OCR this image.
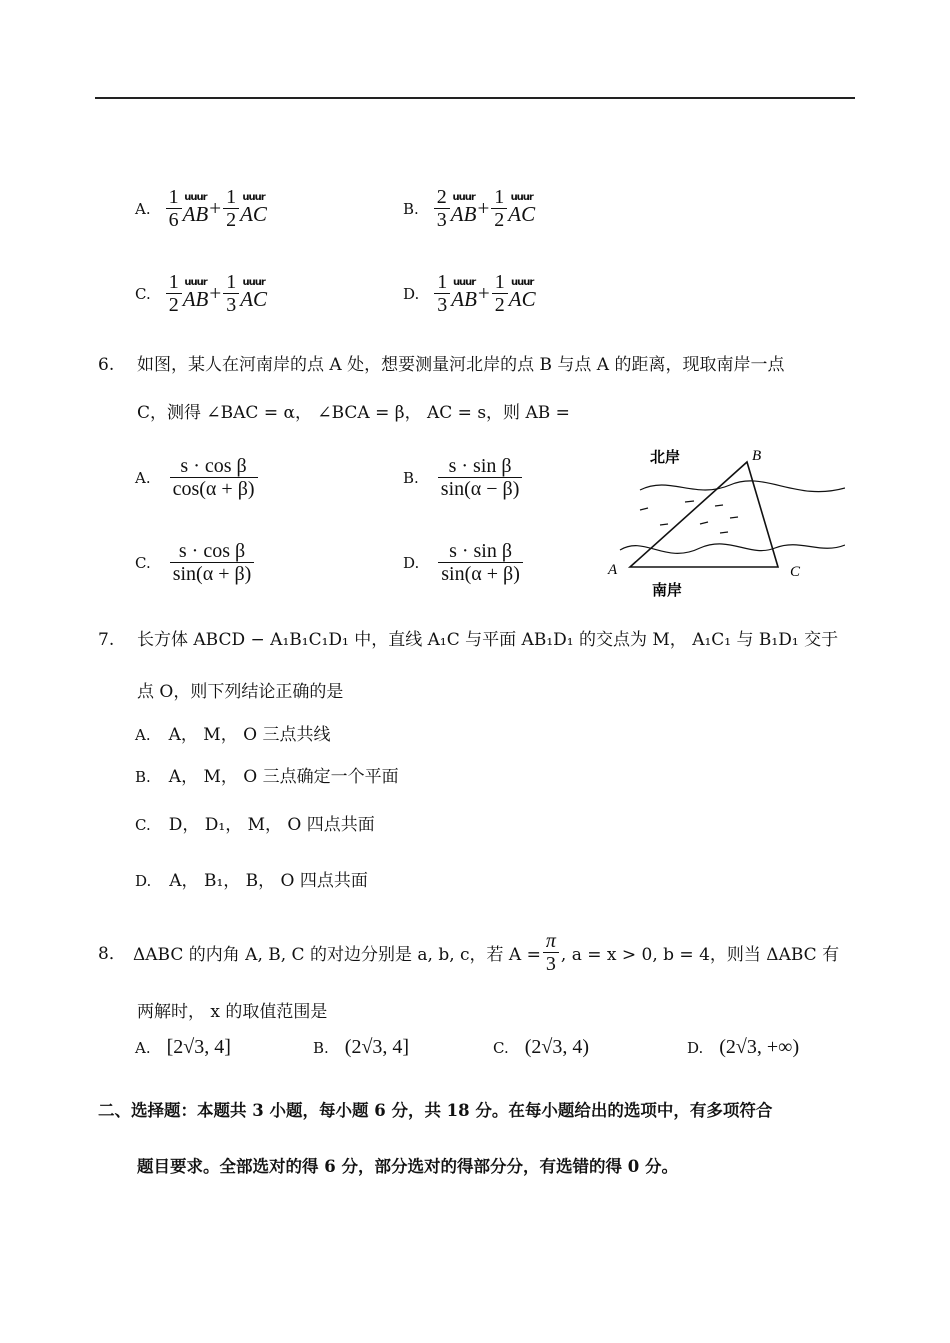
A. $\frac{1}{6}$ uuur
AB + $\frac{1}{2}$ uuur
AC	B. $\frac{2}{3}$ uuur
AB + $\frac{1}{2}$ uuur
AC
C. $\frac{1}{2}$ uuur
AB + $\frac{1}{3}$ uuur
AC	D. $\frac{1}{3}$ uuur
AB + $\frac{1}{2}$ uuur
AC
6. 如图，某人在河南岸的点 A 处，想要测量河北岸的点 B 与点 A 的距离，现取南岸一点
C，测得 ∠BAC = α， ∠BCA = β， AC = s，则 AB =
A. $\frac{\text{s · cos β}}{\cos(\alpha + \beta)}$	B. $\frac{\text{s · sin β}}{\sin(\alpha - \beta)}$
C. $\frac{\text{s · cos β}}{\sin(\alpha + \beta)}$	D. $\frac{\text{s · sin β}}{\sin(\alpha + \beta)}$
北岸
南岸
A
B
C
7. 长方体 ABCD − A₁B₁C₁D₁ 中，直线 A₁C 与平面 AB₁D₁ 的交点为 M， A₁C₁ 与 B₁D₁ 交于
点 O，则下列结论正确的是
A. A， M， O 三点共线
B. A， M， O 三点确定一个平面
C. D， D₁， M， O 四点共面
D. A， B₁， B， O 四点共面
8． ΔABC 的内角 A, B, C 的对边分别是 a, b, c，若 $A = \frac{\pi}{3}$ , a = x > 0, b = 4，则当 ΔABC 有
两解时， x 的取值范围是
A. [2√3, 4]	B. (2√3, 4]	C. (2√3, 4)	D. (2√3, +∞)
二、选择题：本题共 3 小题，每小题 6 分，共 18 分。在每小题给出的选项中，有多项符合
题目要求。全部选对的得 6 分，部分选对的得部分分，有选错的得 0 分。
